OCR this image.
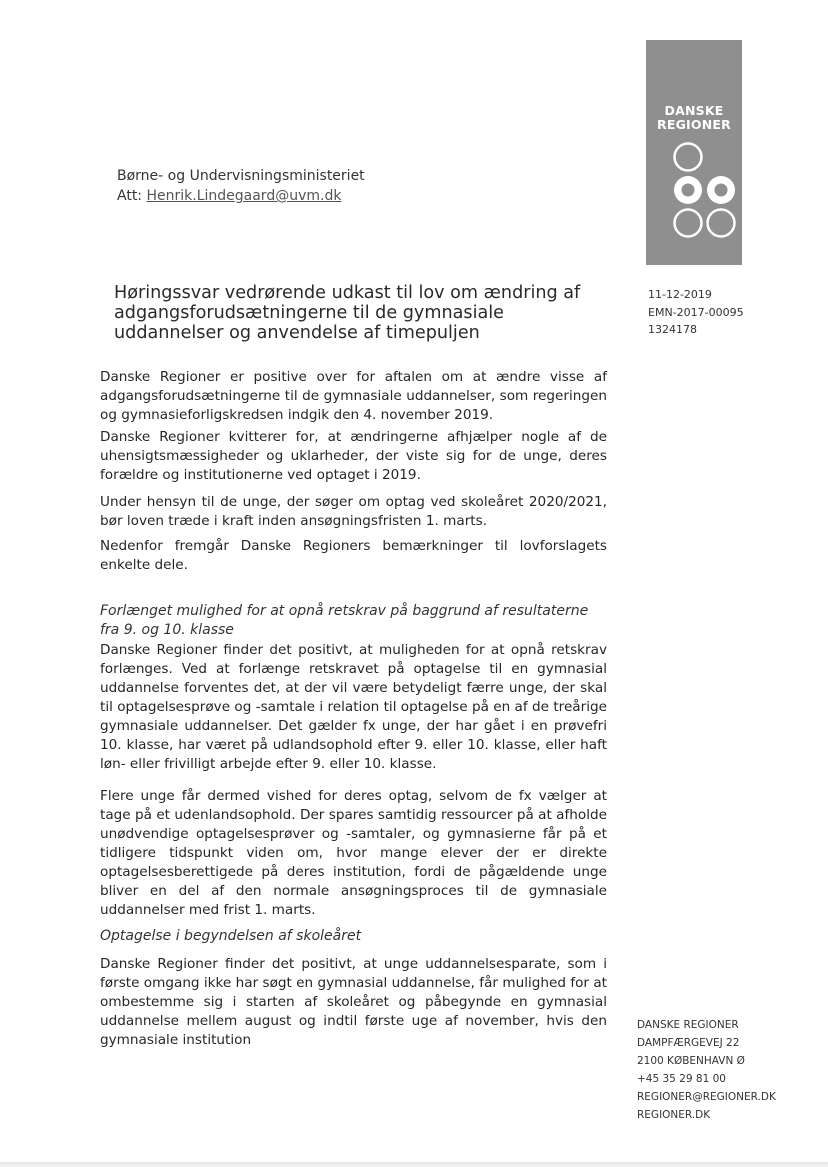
Børne- og Undervisningsministeriet
Att: Henrik.Lindegaard@uvm.dk
DANSKE
REGIONER
11-12-2019
EMN-2017-00095
1324178
Høringssvar vedrørende udkast til lov om ændring af adgangsforudsætningerne til de gymnasiale uddannelser og anvendelse af timepuljen
Danske Regioner er positive over for aftalen om at ændre visse af adgangsforudsætningerne til de gymnasiale uddannelser, som regeringen og gymnasieforligskredsen indgik den 4. november 2019.
Danske Regioner kvitterer for, at ændringerne afhjælper nogle af de uhensigtsmæssigheder og uklarheder, der viste sig for de unge, deres forældre og institutionerne ved optaget i 2019.
Under hensyn til de unge, der søger om optag ved skoleåret 2020/2021, bør loven træde i kraft inden ansøgningsfristen 1. marts.
Nedenfor fremgår Danske Regioners bemærkninger til lovforslagets enkelte dele.
Forlænget mulighed for at opnå retskrav på baggrund af resultaterne fra 9. og 10. klasse
Danske Regioner finder det positivt, at muligheden for at opnå retskrav forlænges. Ved at forlænge retskravet på optagelse til en gymnasial uddannelse forventes det, at der vil være betydeligt færre unge, der skal til optagelsesprøve og -samtale i relation til optagelse på en af de treårige gymnasiale uddannelser. Det gælder fx unge, der har gået i en prøvefri 10. klasse, har været på udlandsophold efter 9. eller 10. klasse, eller haft løn- eller frivilligt arbejde efter 9. eller 10. klasse.
Flere unge får dermed vished for deres optag, selvom de fx vælger at tage på et udenlandsophold. Der spares samtidig ressourcer på at afholde unødvendige optagelsesprøver og -samtaler, og gymnasierne får på et tidligere tidspunkt viden om, hvor mange elever der er direkte optagelsesberettigede på deres institution, fordi de pågældende unge bliver en del af den normale ansøgningsproces til de gymnasiale uddannelser med frist 1. marts.
Optagelse i begyndelsen af skoleåret
Danske Regioner finder det positivt, at unge uddannelsesparate, som i første omgang ikke har søgt en gymnasial uddannelse, får mulighed for at ombestemme sig i starten af skoleåret og påbegynde en gymnasial uddannelse mellem august og indtil første uge af november, hvis den gymnasiale institution
DANSKE REGIONER
DAMPFÆRGEVEJ 22
2100 KØBENHAVN Ø
+45 35 29 81 00
REGIONER@REGIONER.DK
REGIONER.DK
